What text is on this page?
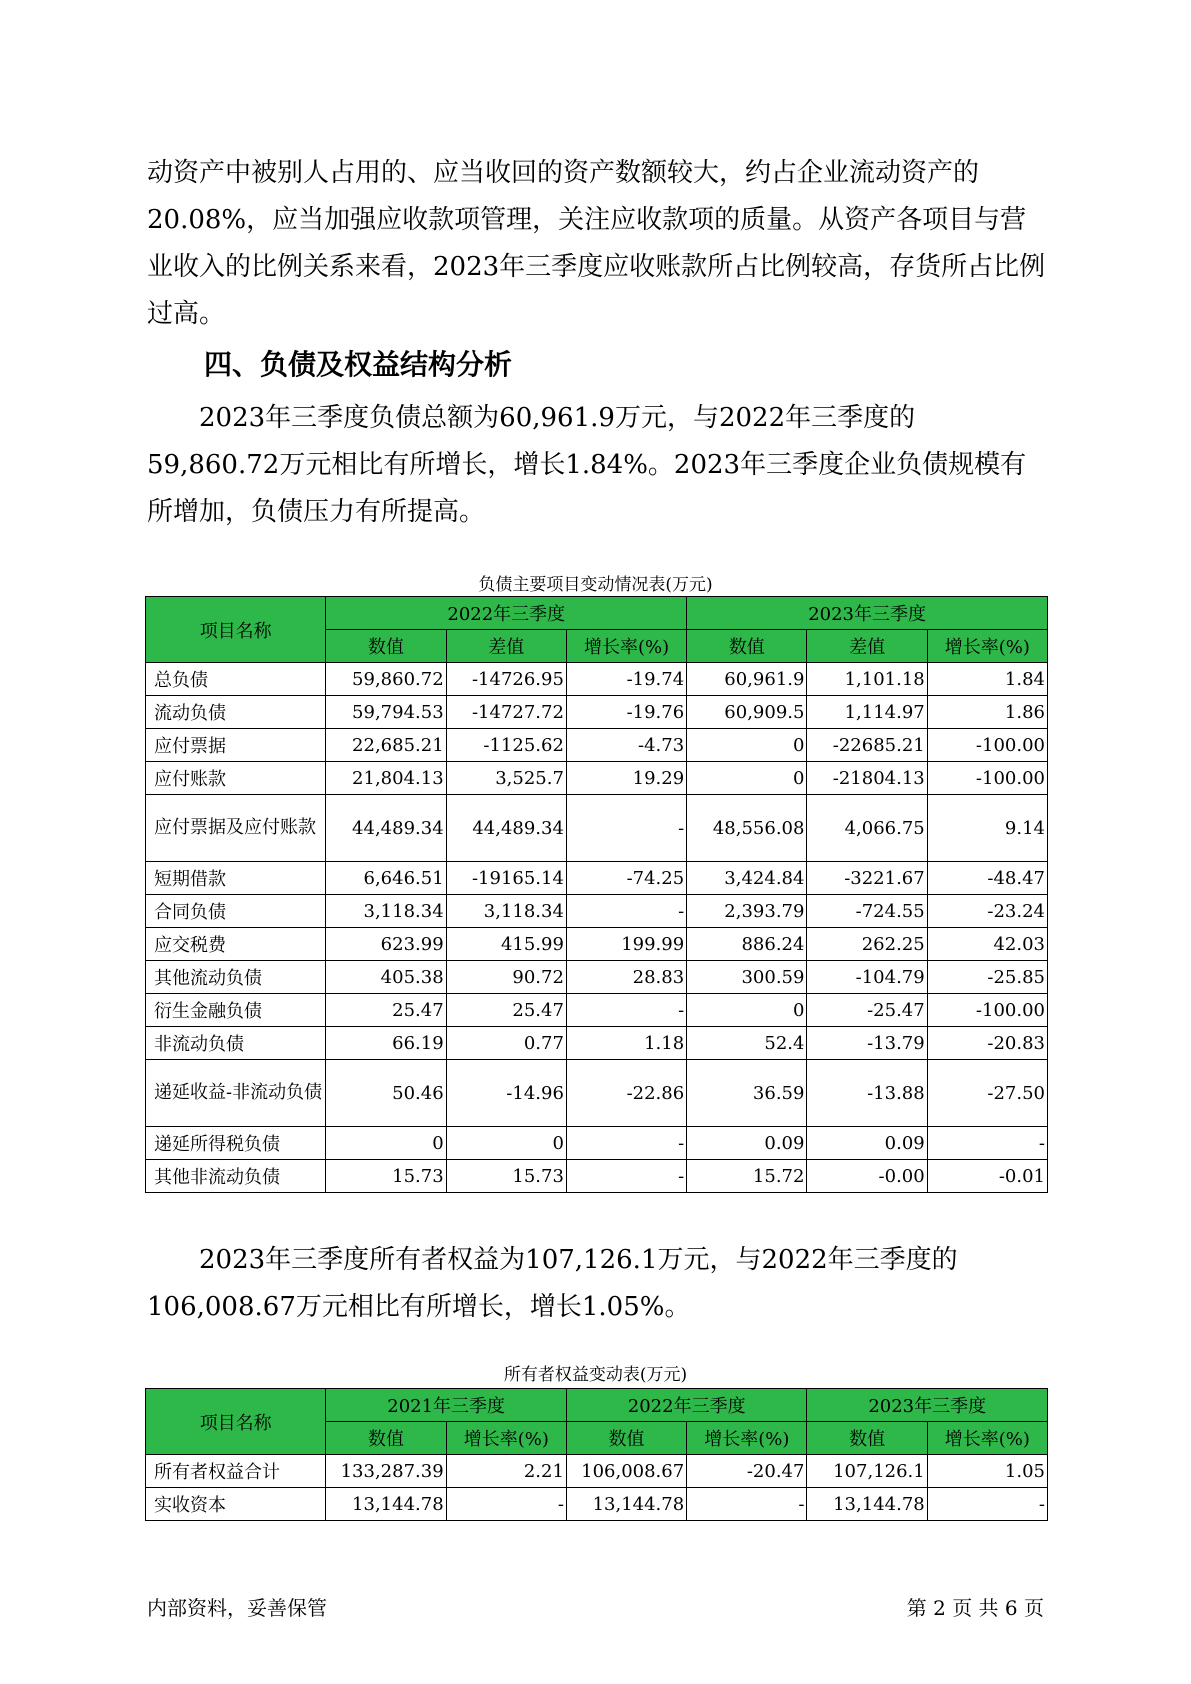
动资产中被别人占用的、应当收回的资产数额较大，约占企业流动资产的20.08%，应当加强应收款项管理，关注应收款项的质量。从资产各项目与营业收入的比例关系来看，2023年三季度应收账款所占比例较高，存货所占比例过高。

四、负债及权益结构分析

2023年三季度负债总额为60,961.9万元，与2022年三季度的59,860.72万元相比有所增长，增长1.84%。2023年三季度企业负债规模有所增加，负债压力有所提高。

负债主要项目变动情况表(万元)

项目名称	2022年三季度			2023年三季度		
	数值	差值	增长率(%)	数值	差值	增长率(%)
总负债	59,860.72	-14726.95	-19.74	60,961.9	1,101.18	1.84
流动负债	59,794.53	-14727.72	-19.76	60,909.5	1,114.97	1.86
应付票据	22,685.21	-1125.62	-4.73	0	-22685.21	-100.00
应付账款	21,804.13	3,525.7	19.29	0	-21804.13	-100.00
应付票据及应付账款	44,489.34	44,489.34	-	48,556.08	4,066.75	9.14
短期借款	6,646.51	-19165.14	-74.25	3,424.84	-3221.67	-48.47
合同负债	3,118.34	3,118.34	-	2,393.79	-724.55	-23.24
应交税费	623.99	415.99	199.99	886.24	262.25	42.03
其他流动负债	405.38	90.72	28.83	300.59	-104.79	-25.85
衍生金融负债	25.47	25.47	-	0	-25.47	-100.00
非流动负债	66.19	0.77	1.18	52.4	-13.79	-20.83
递延收益-非流动负债	50.46	-14.96	-22.86	36.59	-13.88	-27.50
递延所得税负债	0	0	-	0.09	0.09	-
其他非流动负债	15.73	15.73	-	15.72	-0.00	-0.01

2023年三季度所有者权益为107,126.1万元，与2022年三季度的106,008.67万元相比有所增长，增长1.05%。

所有者权益变动表(万元)

项目名称	2021年三季度		2022年三季度		2023年三季度	
	数值	增长率(%)	数值	增长率(%)	数值	增长率(%)
所有者权益合计	133,287.39	2.21	106,008.67	-20.47	107,126.1	1.05
实收资本	13,144.78	-	13,144.78	-	13,144.78	-

内部资料，妥善保管	第 2 页 共 6 页
